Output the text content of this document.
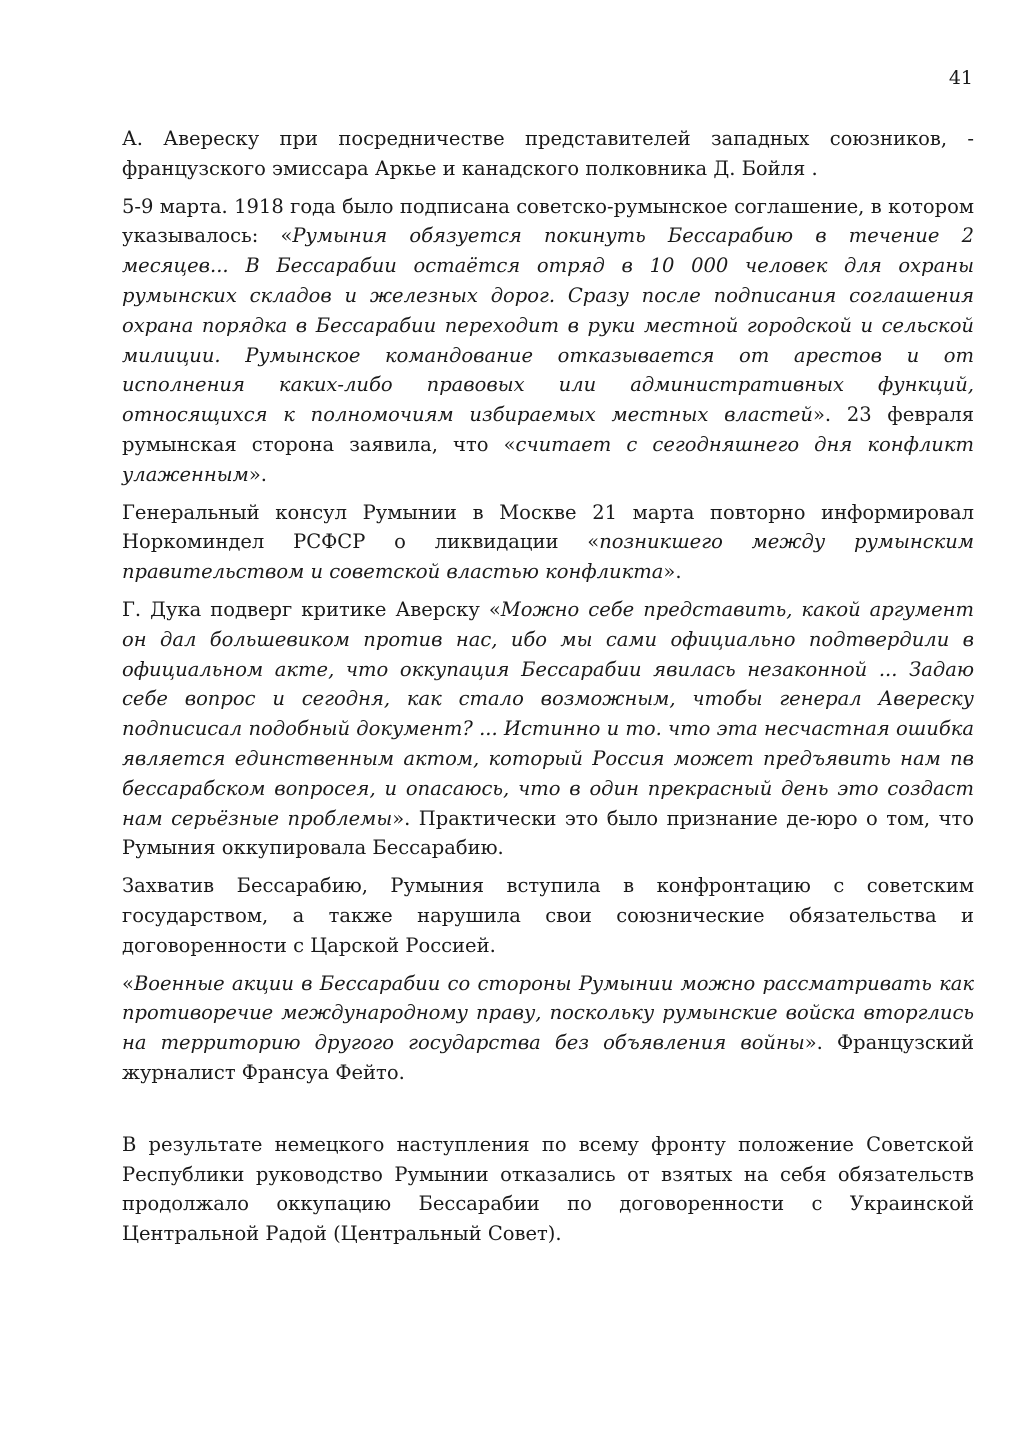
41

А. Авереску при посредничестве представителей западных союзников, - французского эмиссара Аркье и канадского полковника Д. Бойля .

5-9 марта. 1918 года было подписана советско-румынское соглашение, в котором указывалось: «Румыния обязуется покинуть Бессарабию в течение 2 месяцев... В Бессарабии остаётся отряд в 10 000 человек для охраны румынских складов и железных дорог. Сразу после подписания соглашения охрана порядка в Бессарабии переходит в руки местной городской и сельской милиции. Румынское командование отказывается от арестов и от исполнения каких-либо правовых или административных функций, относящихся к полномочиям избираемых местных властей». 23 февраля румынская сторона заявила, что «считает с сегодняшнего дня конфликт улаженным».

Генеральный консул Румынии в Москве 21 марта повторно информировал Норкоминдел РСФСР о ликвидации «позникшего между румынским правительством и советской властью конфликта».

Г. Дука подверг критике Аверску «Можно себе представить, какой аргумент он дал большевиком против нас, ибо мы сами официально подтвердили в официальном акте, что оккупация Бессарабии явилась незаконной ... Задаю себе вопрос и сегодня, как стало возможным, чтобы генерал Авереску подписисал подобный документ? ... Истинно и то. что эта несчастная ошибка является единственным актом, который Россия может предъявить нам пв бессарабском вопросея, и опасаюсь, что в один прекрасный день это создаст нам серьёзные проблемы». Практически это было признание де-юро о том, что Румыния оккупировала Бессарабию.

Захватив Бессарабию, Румыния вступила в конфронтацию с советским государством, а также нарушила свои союзнические обязательства и договоренности с Царской Россией.

«Военные акции в Бессарабии со стороны Румынии можно рассматривать как противоречие международному праву, поскольку румынские войска вторглись на территорию другого государства без объявления войны». Французский журналист Франсуа Фейто.

В результате немецкого наступления по всему фронту положение Советской Республики руководство Румынии отказались от взятых на себя обязательств продолжало оккупацию Бессарабии по договоренности с Украинской Центральной Радой (Центральный Совет).
